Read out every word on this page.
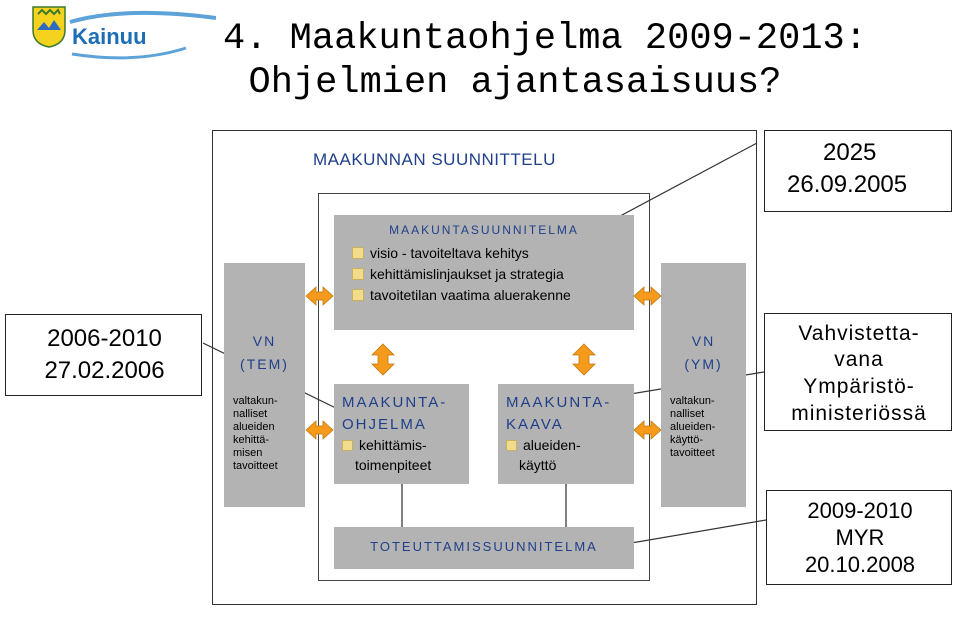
Kainuu	4. Maakuntaohjelma 2009-2013:
Ohjelmien ajantasaisuus?
MAAKUNNAN SUUNNITTELU
MAAKUNTASUUNNITELMA
visio - tavoiteltava kehitys
kehittämislinjaukset ja strategia
tavoitetilan vaatima aluerakenne
VN
(TEM)
valtakun-
nalliset
alueiden
kehittä-
misen
tavoitteet
VN
(YM)
valtakun-
nalliset
alueiden-
käyttö-
tavoitteet
MAAKUNTA-
OHJELMA
kehittämis-
toimenpiteet
MAAKUNTA-
KAAVA
alueiden-
käyttö
TOTEUTTAMISSUUNNITELMA
2025
26.09.2005
2006-2010
27.02.2006
Vahvistetta-
vana
Ympäristö-
ministeriössä
2009-2010
MYR
20.10.2008
